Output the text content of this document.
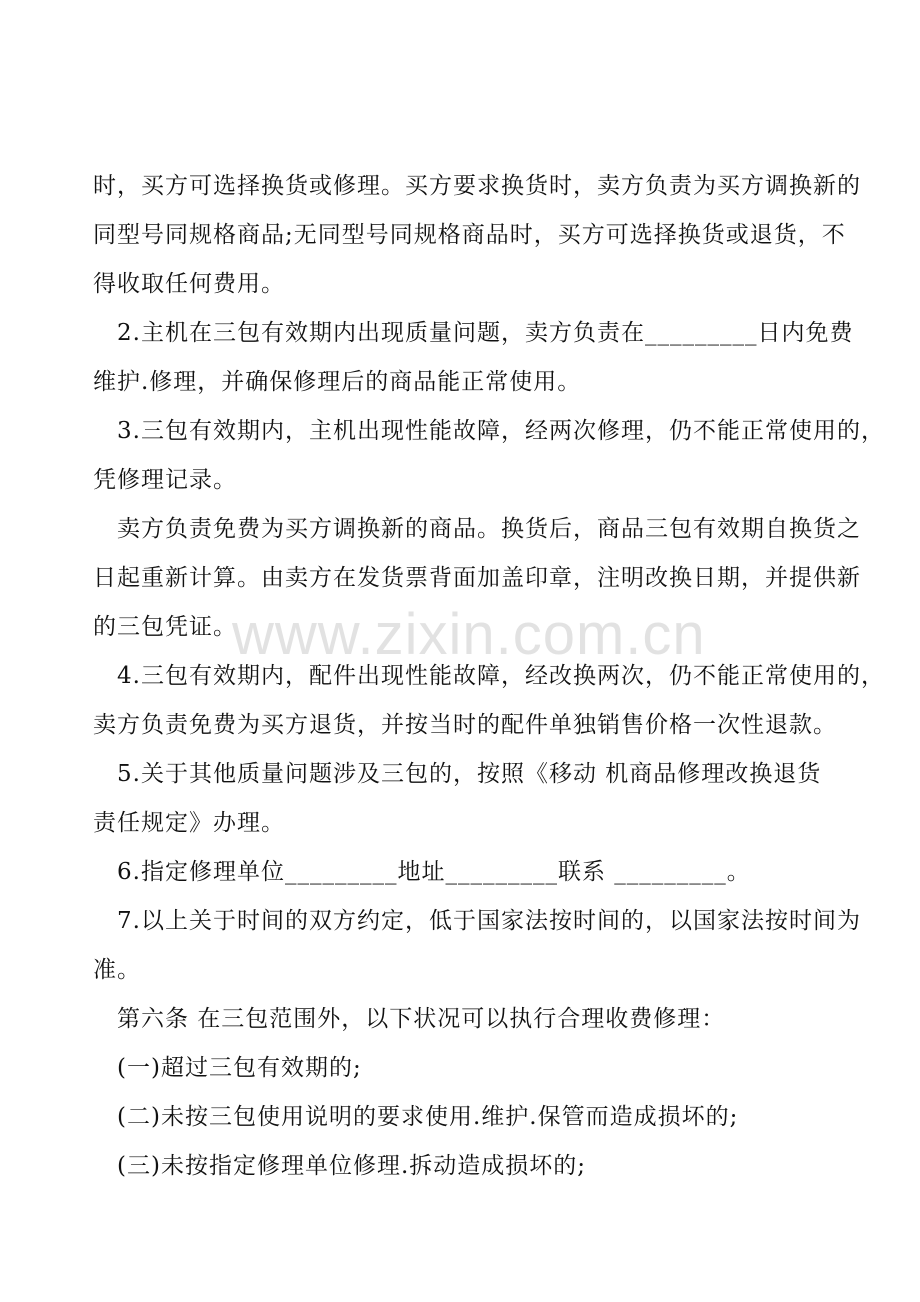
www.zixin.com.cn
时，买方可选择换货或修理。买方要求换货时，卖方负责为买方调换新的
同型号同规格商品;无同型号同规格商品时，买方可选择换货或退货，不
得收取任何费用。
2.主机在三包有效期内出现质量问题，卖方负责在_________日内免费
维护.修理，并确保修理后的商品能正常使用。
3.三包有效期内，主机出现性能故障，经两次修理，仍不能正常使用的，
凭修理记录。
卖方负责免费为买方调换新的商品。换货后，商品三包有效期自换货之
日起重新计算。由卖方在发货票背面加盖印章，注明改换日期，并提供新
的三包凭证。
4.三包有效期内，配件出现性能故障，经改换两次，仍不能正常使用的，
卖方负责免费为买方退货，并按当时的配件单独销售价格一次性退款。
5.关于其他质量问题涉及三包的，按照《移动 机商品修理改换退货
责任规定》办理。
6.指定修理单位_________地址_________联系 _________。
7.以上关于时间的双方约定，低于国家法按时间的，以国家法按时间为
准。
第六条 在三包范围外，以下状况可以执行合理收费修理：
(一)超过三包有效期的;
(二)未按三包使用说明的要求使用.维护.保管而造成损坏的;
(三)未按指定修理单位修理.拆动造成损坏的;
